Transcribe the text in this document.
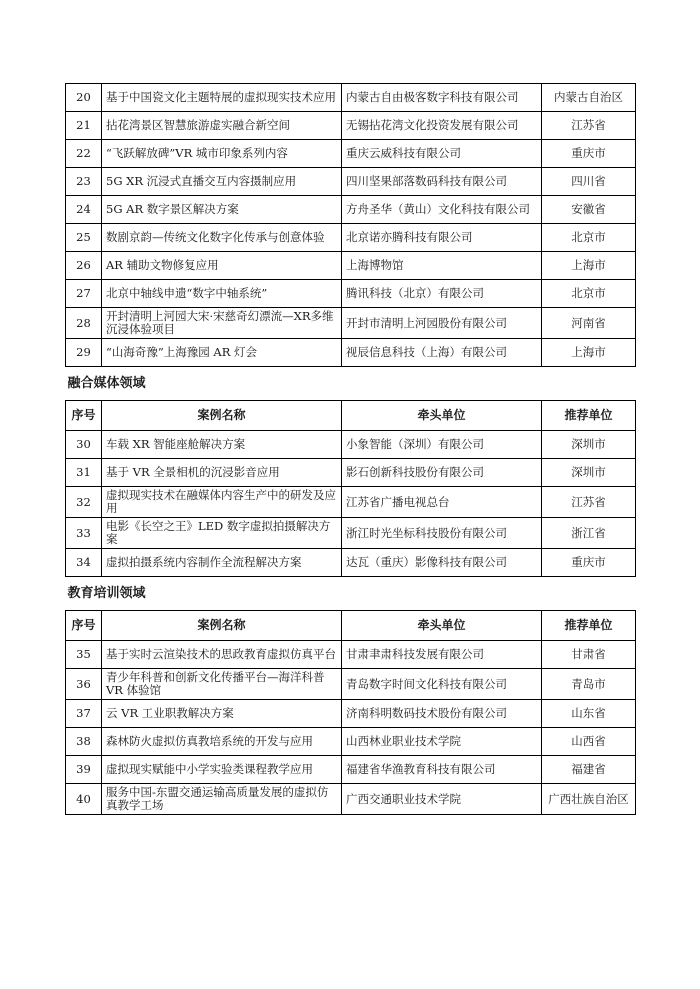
20	基于中国瓷文化主题特展的虚拟现实技术应用	内蒙古自由极客数字科技有限公司	内蒙古自治区
21	拈花湾景区智慧旅游虚实融合新空间	无锡拈花湾文化投资发展有限公司	江苏省
22	“飞跃解放碑”VR 城市印象系列内容	重庆云威科技有限公司	重庆市
23	5G XR 沉浸式直播交互内容摄制应用	四川坚果部落数码科技有限公司	四川省
24	5G AR 数字景区解决方案	方舟圣华（黄山）文化科技有限公司	安徽省
25	数剧京韵—传统文化数字化传承与创意体验	北京诺亦腾科技有限公司	北京市
26	AR 辅助文物修复应用	上海博物馆	上海市
27	北京中轴线申遗“数字中轴系统”	腾讯科技（北京）有限公司	北京市
28	开封清明上河园大宋·宋慈奇幻漂流—XR多维沉浸体验项目	开封市清明上河园股份有限公司	河南省
29	“山海奇豫”上海豫园 AR 灯会	视辰信息科技（上海）有限公司	上海市
融合媒体领域			
序号	案例名称	牵头单位	推荐单位
30	车载 XR 智能座舱解决方案	小象智能（深圳）有限公司	深圳市
31	基于 VR 全景相机的沉浸影音应用	影石创新科技股份有限公司	深圳市
32	虚拟现实技术在融媒体内容生产中的研发及应用	江苏省广播电视总台	江苏省
33	电影《长空之王》LED 数字虚拟拍摄解决方案	浙江时光坐标科技股份有限公司	浙江省
34	虚拟拍摄系统内容制作全流程解决方案	达瓦（重庆）影像科技有限公司	重庆市
教育培训领域			
序号	案例名称	牵头单位	推荐单位
35	基于实时云渲染技术的思政教育虚拟仿真平台	甘肃聿肃科技发展有限公司	甘肃省
36	青少年科普和创新文化传播平台—海洋科普 VR 体验馆	青岛数字时间文化科技有限公司	青岛市
37	云 VR 工业职教解决方案	济南科明数码技术股份有限公司	山东省
38	森林防火虚拟仿真教培系统的开发与应用	山西林业职业技术学院	山西省
39	虚拟现实赋能中小学实验类课程教学应用	福建省华渔教育科技有限公司	福建省
40	服务中国-东盟交通运输高质量发展的虚拟仿真教学工场	广西交通职业技术学院	广西壮族自治区
